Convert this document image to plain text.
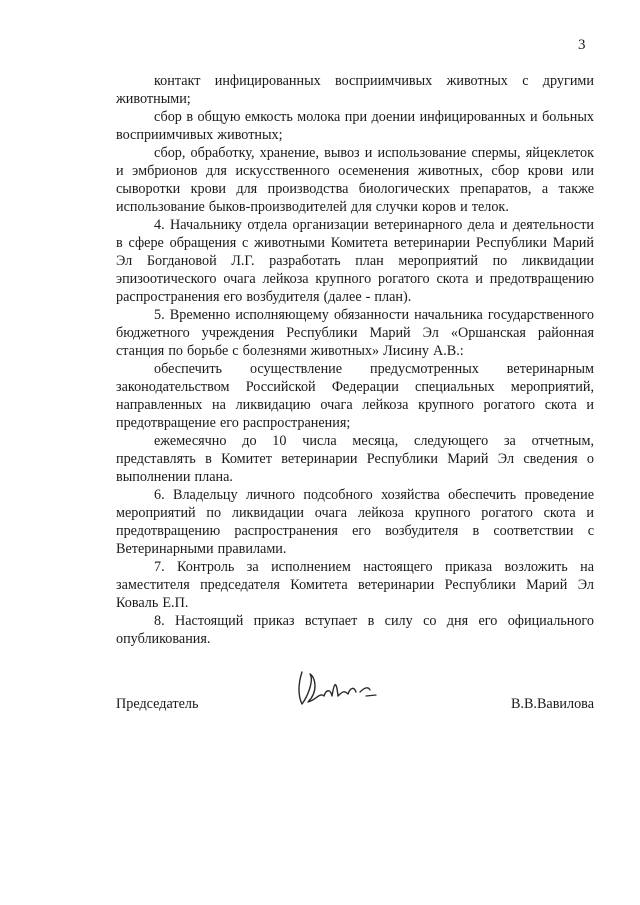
3

контакт инфицированных восприимчивых животных с другими животными;

сбор в общую емкость молока при доении инфицированных и больных восприимчивых животных;

сбор, обработку, хранение, вывоз и использование спермы, яйцеклеток и эмбрионов для искусственного осеменения животных, сбор крови или сыворотки крови для производства биологических препаратов, а также использование быков-производителей для случки коров и телок.

4. Начальнику отдела организации ветеринарного дела и деятельности в сфере обращения с животными Комитета ветеринарии Республики Марий Эл Богдановой Л.Г. разработать план мероприятий по ликвидации эпизоотического очага лейкоза крупного рогатого скота и предотвращению распространения его возбудителя (далее - план).

5. Временно исполняющему обязанности начальника государственного бюджетного учреждения Республики Марий Эл «Оршанская районная станция по борьбе с болезнями животных» Лисину А.В.:

обеспечить осуществление предусмотренных ветеринарным законодательством Российской Федерации специальных мероприятий, направленных на ликвидацию очага лейкоза крупного рогатого скота и предотвращение его распространения;

ежемесячно до 10 числа месяца, следующего за отчетным, представлять в Комитет ветеринарии Республики Марий Эл сведения о выполнении плана.

6. Владельцу личного подсобного хозяйства обеспечить проведение мероприятий по ликвидации очага лейкоза крупного рогатого скота и предотвращению распространения его возбудителя в соответствии с Ветеринарными правилами.

7. Контроль за исполнением настоящего приказа возложить на заместителя председателя Комитета ветеринарии Республики Марий Эл Коваль Е.П.

8. Настоящий приказ вступает в силу со дня его официального опубликования.

Председатель	В.В.Вавилова
